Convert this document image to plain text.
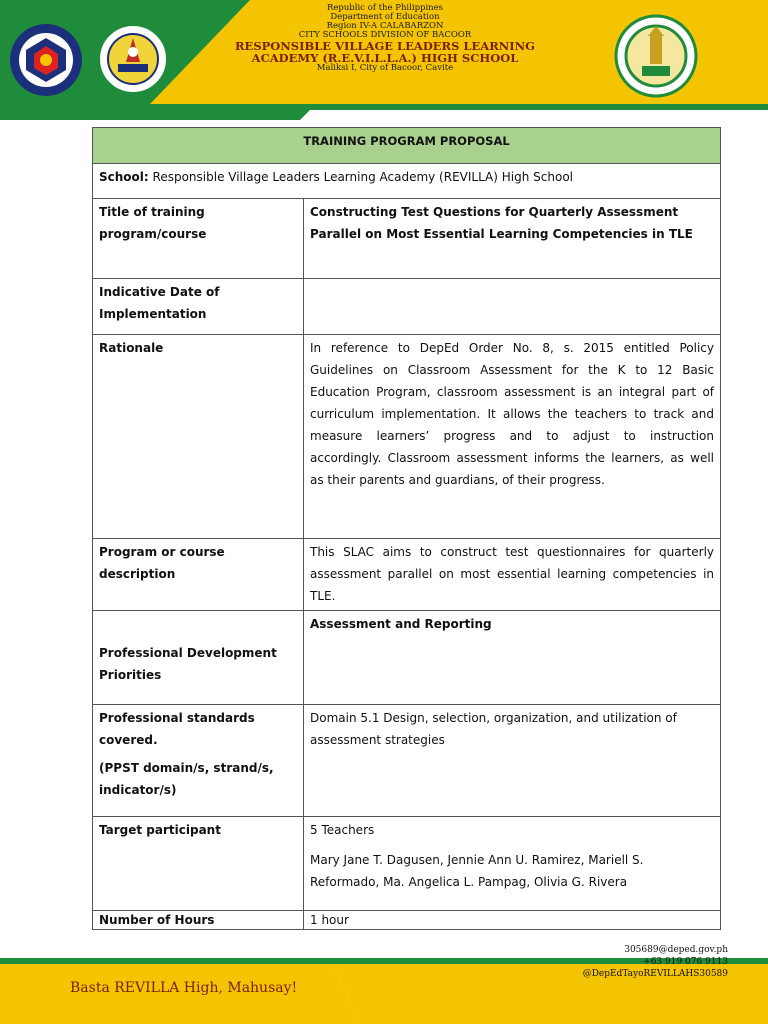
Republic of the Philippines
Department of Education
Region IV-A CALABARZON
CITY SCHOOLS DIVISION OF BACOOR
RESPONSIBLE VILLAGE LEADERS LEARNING
ACADEMY (R.E.V.I.L.L.A.) HIGH SCHOOL
Maliksi I, City of Bacoor, Cavite
TRAINING PROGRAM PROPOSAL	
School: Responsible Village Leaders Learning Academy (REVILLA) High School	
Title of training program/course	Constructing Test Questions for Quarterly Assessment Parallel on Most Essential Learning Competencies in TLE
Indicative Date of Implementation	
Rationale	In reference to DepEd Order No. 8, s. 2015 entitled Policy Guidelines on Classroom Assessment for the K to 12 Basic Education Program, classroom assessment is an integral part of curriculum implementation. It allows the teachers to track and measure learners’ progress and to adjust to instruction accordingly. Classroom assessment informs the learners, as well as their parents and guardians, of their progress.
Program or course description	This SLAC aims to construct test questionnaires for quarterly assessment parallel on most essential learning competencies in TLE.
Professional Development Priorities	Assessment and Reporting

Professional standards covered.
(PPST domain/s, strand/s, indicator/s)	Domain 5.1 Design, selection, organization, and utilization of assessment strategies
Target participant	5 Teachers
Mary Jane T. Dagusen, Jennie Ann U. Ramirez, Mariell S. Reformado, Ma. Angelica L. Pampag, Olivia G. Rivera

Number of Hours	1 hour
Basta REVILLA High, Mahusay!
305689@deped.gov.ph
+63 919 076 9113
@DepEdTayoREVILLAHS30589
